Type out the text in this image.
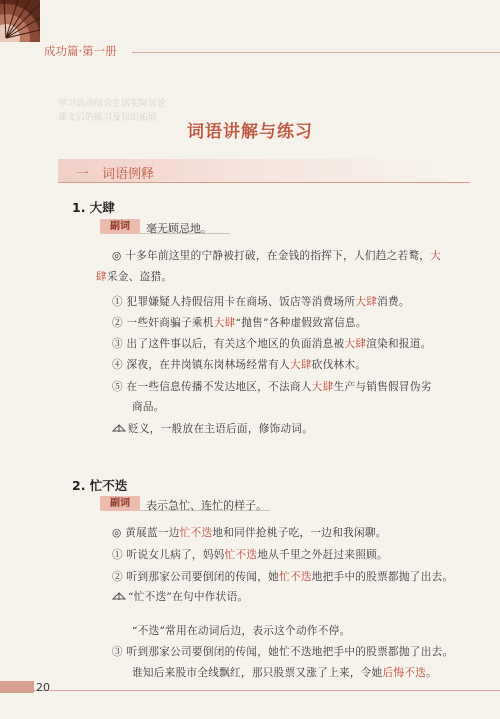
成功篇·第一册
学习活动结合生活实际讨论
课文后的练习及知识拓展
词语讲解与练习
一 词语例释
1. 大肆
副词	毫无顾忌地。
◎ 十多年前这里的宁静被打破，在金钱的指挥下，人们趋之若鹜，大
肆采金、盗猎。
① 犯罪嫌疑人持假信用卡在商场、饭店等消费场所大肆消费。
② 一些奸商骗子乘机大肆“抛售”各种虚假致富信息。
③ 出了这件事以后，有关这个地区的负面消息被大肆渲染和报道。
④ 深夜，在井岗镇东岗林场经常有人大肆砍伐林木。
⑤ 在一些信息传播不发达地区，不法商人大肆生产与销售假冒伪劣
商品。
贬义，一般放在主语后面，修饰动词。
2. 忙不迭
副词	表示急忙、连忙的样子。
◎ 黄展蓝一边忙不迭地和同伴抢桃子吃，一边和我闲聊。
① 听说女儿病了，妈妈忙不迭地从千里之外赶过来照顾。
② 听到那家公司要倒闭的传闻，她忙不迭地把手中的股票都抛了出去。
“忙不迭”在句中作状语。
“不迭”常用在动词后边，表示这个动作不停。
③ 听到那家公司要倒闭的传闻，她忙不迭地把手中的股票都抛了出去。
谁知后来股市全线飘红，那只股票又涨了上来，令她后悔不迭。
20
